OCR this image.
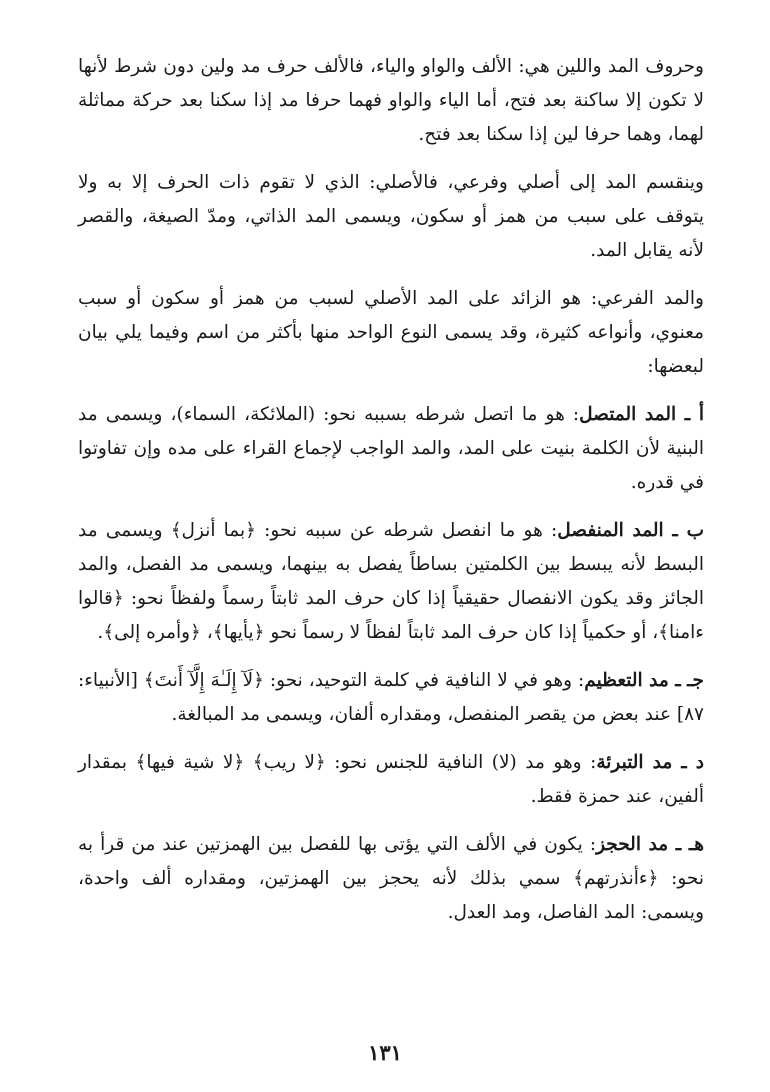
وحروف المد واللين هي: الألف والواو والياء، فالألف حرف مد ولين دون شرط لأنها لا تكون إلا ساكنة بعد فتح، أما الياء والواو فهما حرفا مد إذا سكنا بعد حركة مماثلة لهما، وهما حرفا لين إذا سكنا بعد فتح.

وينقسم المد إلى أصلي وفرعي، فالأصلي: الذي لا تقوم ذات الحرف إلا به ولا يتوقف على سبب من همز أو سكون، ويسمى المد الذاتي، ومدّ الصيغة، والقصر لأنه يقابل المد.

والمد الفرعي: هو الزائد على المد الأصلي لسبب من همز أو سكون أو سبب معنوي، وأنواعه كثيرة، وقد يسمى النوع الواحد منها بأكثر من اسم وفيما يلي بيان لبعضها:

أ ـ المد المتصل: هو ما اتصل شرطه بسببه نحو: (الملائكة، السماء)، ويسمى مد البنية لأن الكلمة بنيت على المد، والمد الواجب لإجماع القراء على مده وإن تفاوتوا في قدره.

ب ـ المد المنفصل: هو ما انفصل شرطه عن سببه نحو: ﴿بما أنزل﴾ ويسمى مد البسط لأنه يبسط بين الكلمتين بساطاً يفصل به بينهما، ويسمى مد الفصل، والمد الجائز وقد يكون الانفصال حقيقياً إذا كان حرف المد ثابتاً رسماً ولفظاً نحو: ﴿قالوا ءامنا﴾، أو حكمياً إذا كان حرف المد ثابتاً لفظاً لا رسماً نحو ﴿يأيها﴾، ﴿وأمره إلى﴾.

جـ ـ مد التعظيم: وهو في لا النافية في كلمة التوحيد، نحو: ﴿لَآ إِلَـٰهَ إِلَّآ أَنتَ﴾ [الأنبياء: ٨٧] عند بعض من يقصر المنفصل، ومقداره ألفان، ويسمى مد المبالغة.

د ـ مد التبرئة: وهو مد (لا) النافية للجنس نحو: ﴿لا ريب﴾ ﴿لا شية فيها﴾ بمقدار ألفين، عند حمزة فقط.

هـ ـ مد الحجز: يكون في الألف التي يؤتى بها للفصل بين الهمزتين عند من قرأ به نحو: ﴿ءأنذرتهم﴾ سمي بذلك لأنه يحجز بين الهمزتين، ومقداره ألف واحدة، ويسمى: المد الفاصل، ومد العدل.

١٣١
